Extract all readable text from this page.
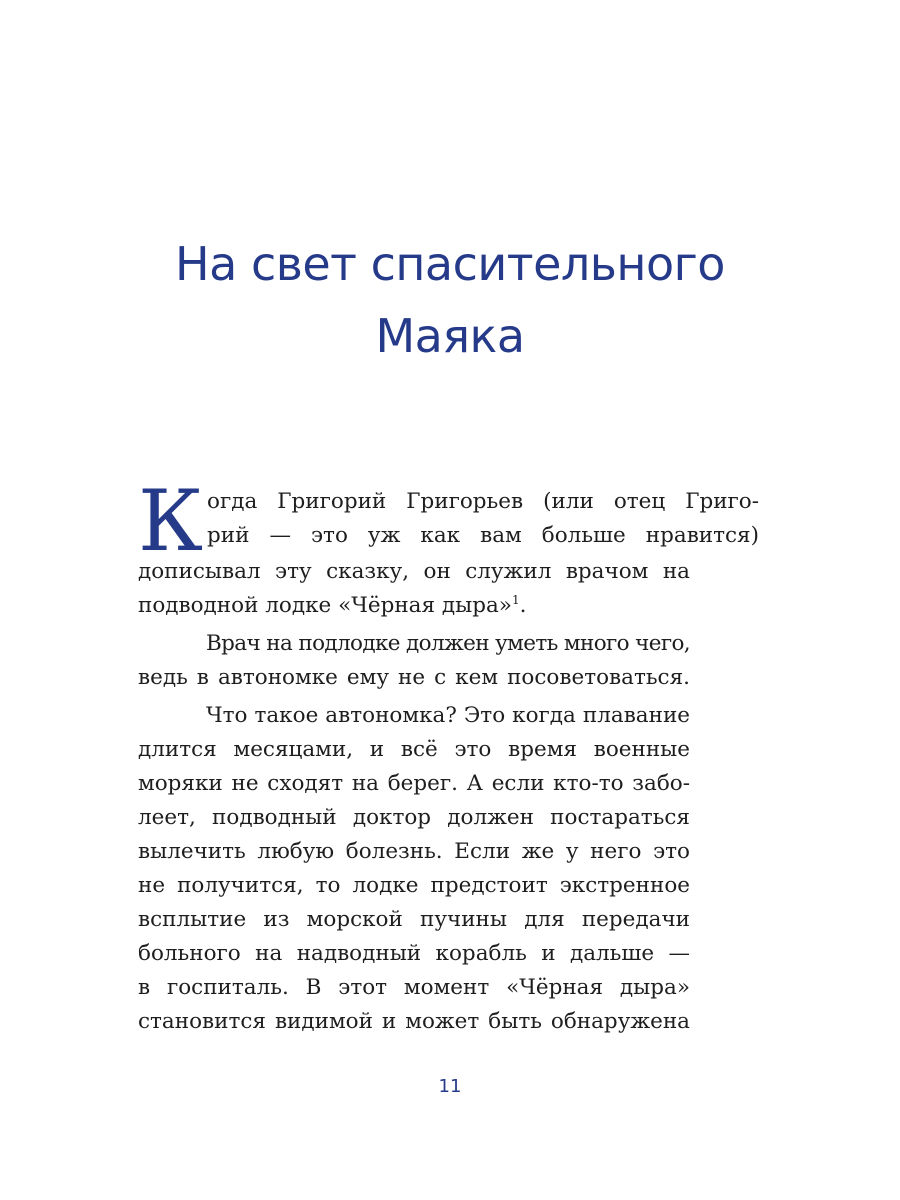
На свет спасительного
Маяка

К огда Григорий Григорьев (или отец Григо-
рий — это уж как вам больше нравится)
дописывал эту сказку, он служил врачом на
подводной лодке «Чёрная дыра»$^1$.

Врач на подлодке должен уметь много чего,
ведь в автономке ему не с кем посоветоваться.

Что такое автономка? Это когда плавание
длится месяцами, и всё это время военные
моряки не сходят на берег. А если кто-то забо-
леет, подводный доктор должен постараться
вылечить любую болезнь. Если же у него это
не получится, то лодке предстоит экстренное
всплытие из морской пучины для передачи
больного на надводный корабль и дальше —
в госпиталь. В этот момент «Чёрная дыра»
становится видимой и может быть обнаружена

11
